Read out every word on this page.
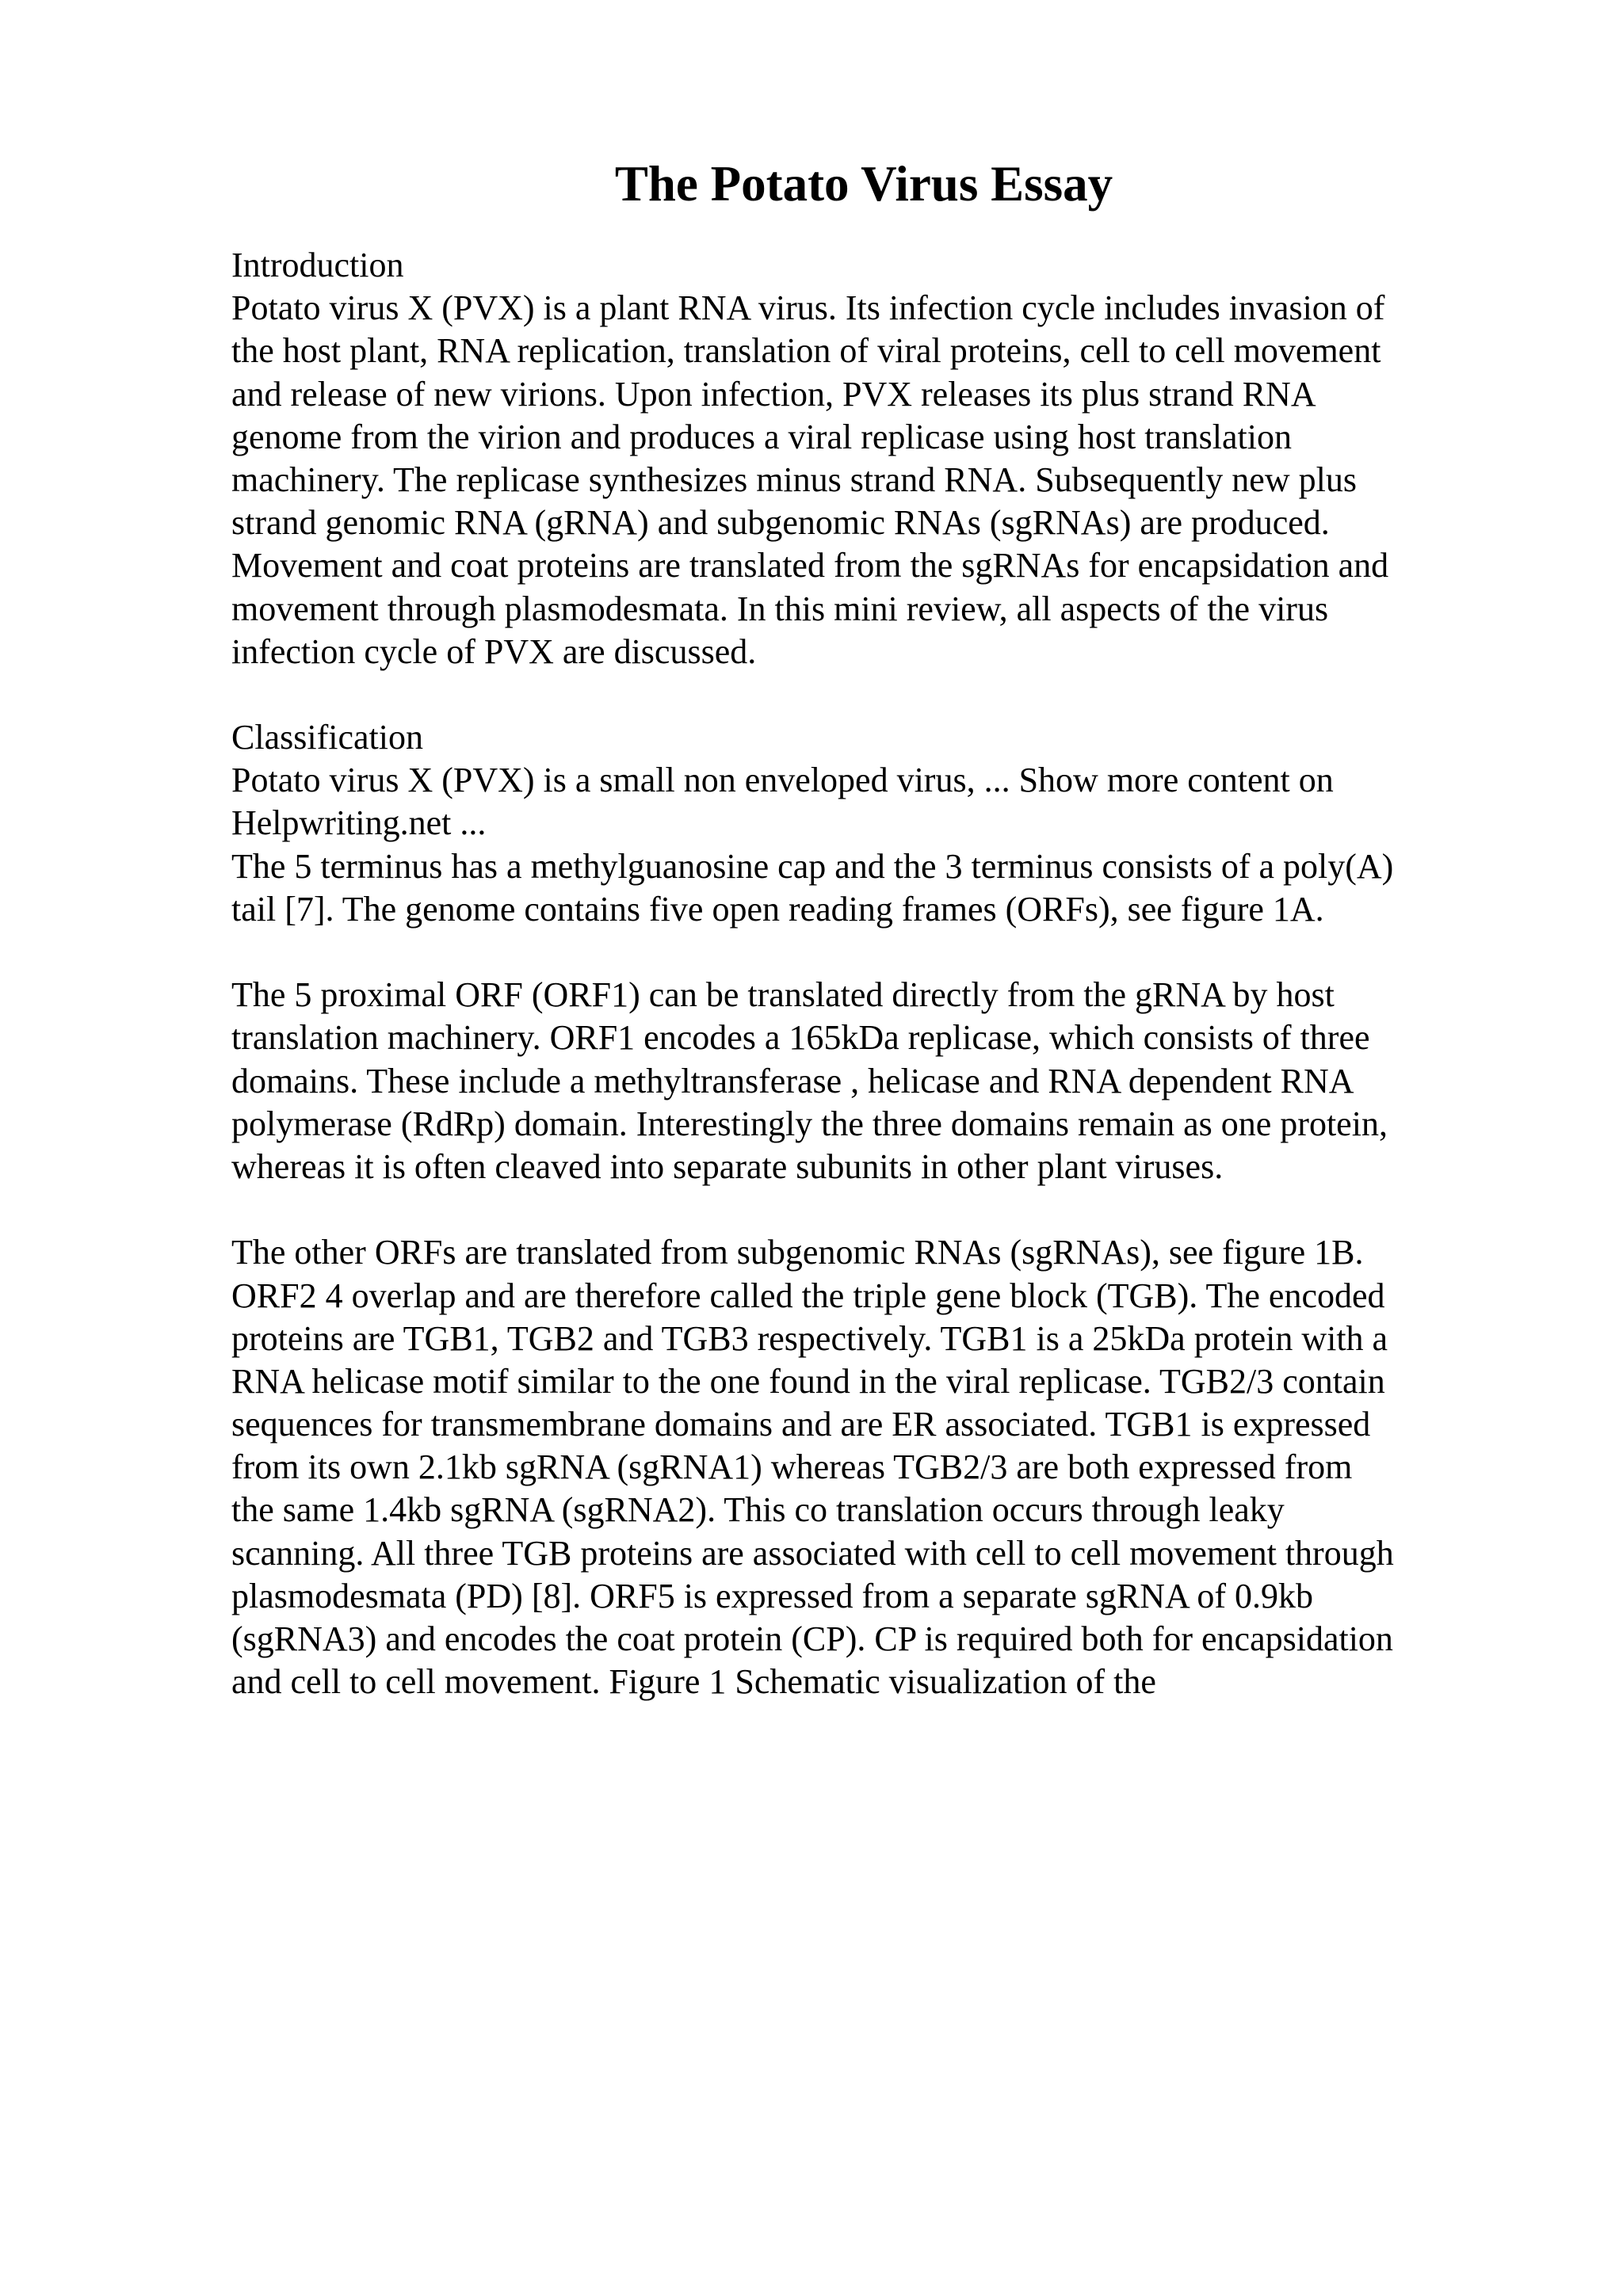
The Potato Virus Essay
Introduction
Potato virus X (PVX) is a plant RNA virus. Its infection cycle includes invasion of
the host plant, RNA replication, translation of viral proteins, cell to cell movement
and release of new virions. Upon infection, PVX releases its plus strand RNA
genome from the virion and produces a viral replicase using host translation
machinery. The replicase synthesizes minus strand RNA. Subsequently new plus
strand genomic RNA (gRNA) and subgenomic RNAs (sgRNAs) are produced.
Movement and coat proteins are translated from the sgRNAs for encapsidation and
movement through plasmodesmata. In this mini review, all aspects of the virus
infection cycle of PVX are discussed.
Classification
Potato virus X (PVX) is a small non enveloped virus, ... Show more content on
Helpwriting.net ...
The 5 terminus has a methylguanosine cap and the 3 terminus consists of a poly(A)
tail [7]. The genome contains five open reading frames (ORFs), see figure 1A.
The 5 proximal ORF (ORF1) can be translated directly from the gRNA by host
translation machinery. ORF1 encodes a 165kDa replicase, which consists of three
domains. These include a methyltransferase , helicase and RNA dependent RNA
polymerase (RdRp) domain. Interestingly the three domains remain as one protein,
whereas it is often cleaved into separate subunits in other plant viruses.
The other ORFs are translated from subgenomic RNAs (sgRNAs), see figure 1B.
ORF2 4 overlap and are therefore called the triple gene block (TGB). The encoded
proteins are TGB1, TGB2 and TGB3 respectively. TGB1 is a 25kDa protein with a
RNA helicase motif similar to the one found in the viral replicase. TGB2/3 contain
sequences for transmembrane domains and are ER associated. TGB1 is expressed
from its own 2.1kb sgRNA (sgRNA1) whereas TGB2/3 are both expressed from
the same 1.4kb sgRNA (sgRNA2). This co translation occurs through leaky
scanning. All three TGB proteins are associated with cell to cell movement through
plasmodesmata (PD) [8]. ORF5 is expressed from a separate sgRNA of 0.9kb
(sgRNA3) and encodes the coat protein (CP). CP is required both for encapsidation
and cell to cell movement. Figure 1 Schematic visualization of the
